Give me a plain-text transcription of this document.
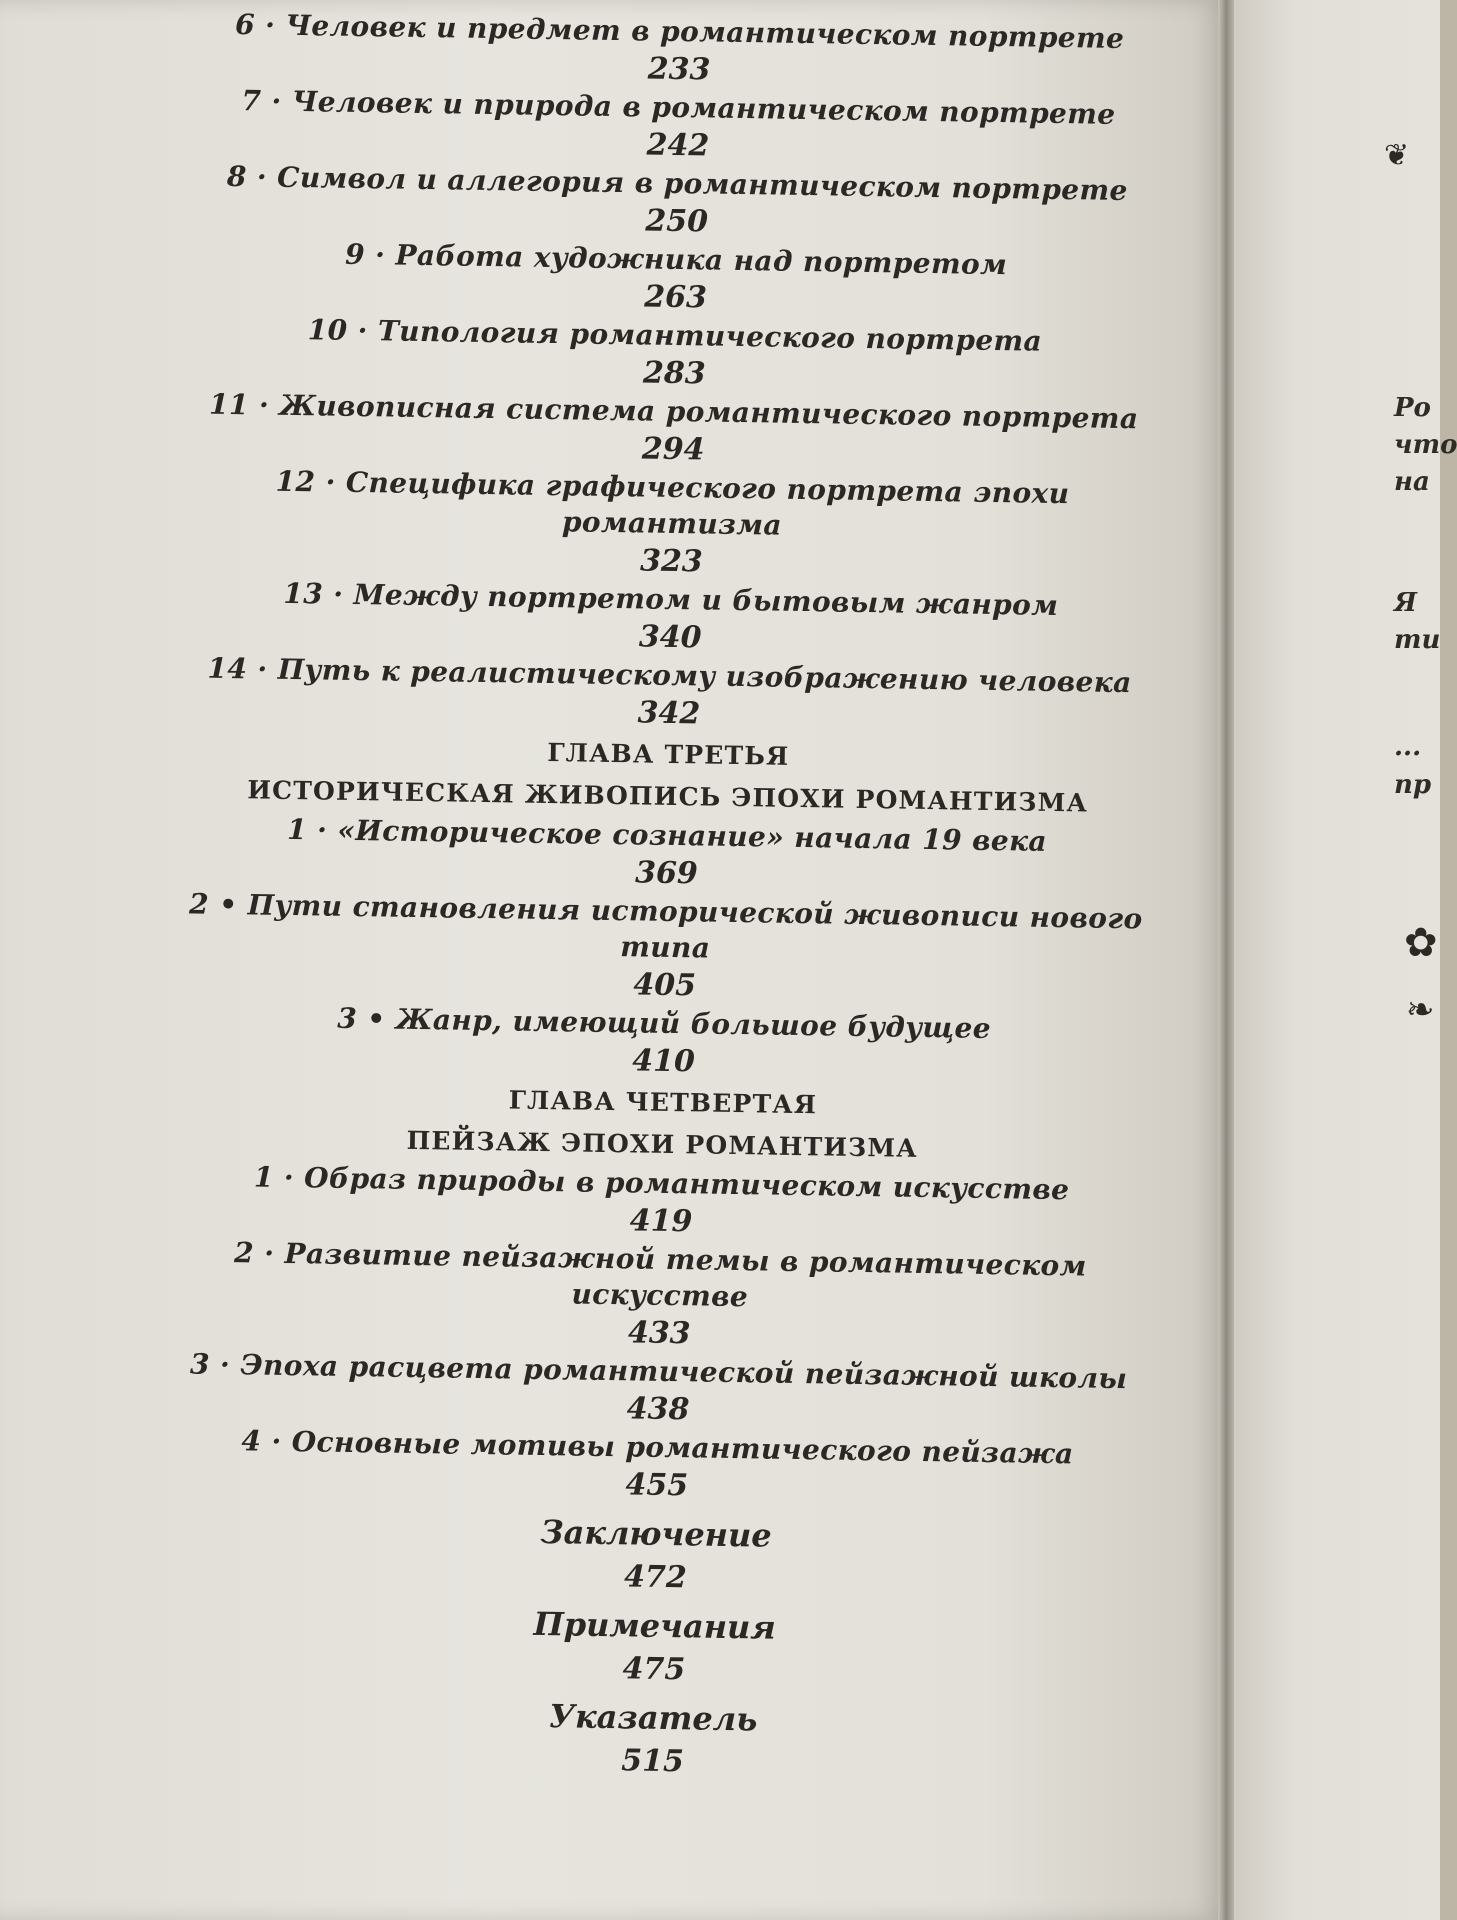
6 · Человек и предмет в романтическом портрете
233
7 · Человек и природа в романтическом портрете
242
8 · Символ и аллегория в романтическом портрете
250
9 · Работа художника над портретом
263
10 · Типология романтического портрета
283
11 · Живописная система романтического портрета
294
12 · Специфика графического портрета эпохи романтизма
323
13 · Между портретом и бытовым жанром
340
14 · Путь к реалистическому изображению человека
342
ГЛАВА ТРЕТЬЯ
ИСТОРИЧЕСКАЯ ЖИВОПИСЬ ЭПОХИ РОМАНТИЗМА
1 · «Историческое сознание» начала 19 века
369
2 • Пути становления исторической живописи нового типа
405
3 • Жанр, имеющий большое будущее
410
ГЛАВА ЧЕТВЕРТАЯ
ПЕЙЗАЖ ЭПОХИ РОМАНТИЗМА
1 · Образ природы в романтическом искусстве
419
2 · Развитие пейзажной темы в романтическом искусстве
433
3 · Эпоха расцвета романтической пейзажной школы
438
4 · Основные мотивы романтического пейзажа
455
Заключение
472
Примечания
475
Указатель
515
❦
✿
❧
Ро
что
на
Я
ти
...
пр
